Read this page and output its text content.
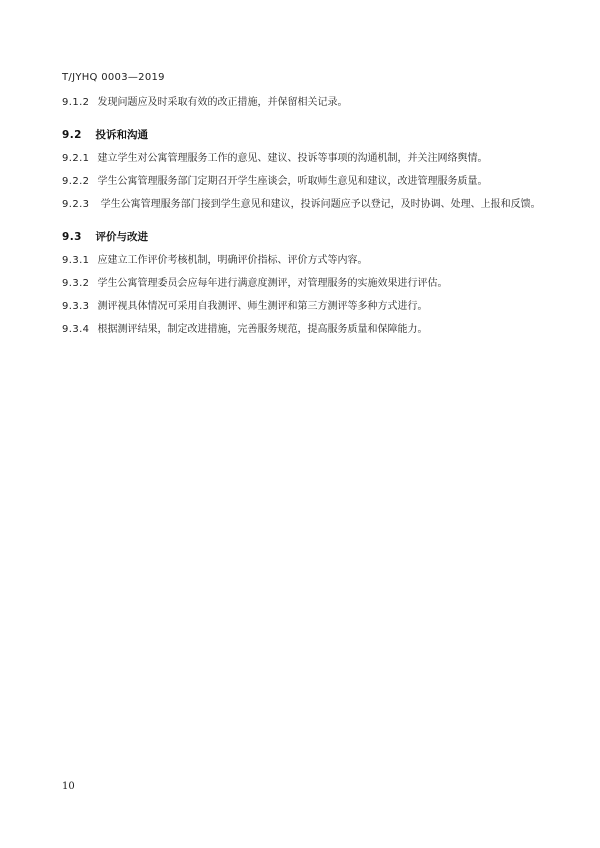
T/JYHQ 0003—2019
9.1.2 发现问题应及时采取有效的改正措施，并保留相关记录。
9.2 投诉和沟通
9.2.1 建立学生对公寓管理服务工作的意见、建议、投诉等事项的沟通机制，并关注网络舆情。
9.2.2 学生公寓管理服务部门定期召开学生座谈会，听取师生意见和建议，改进管理服务质量。
9.2.3 学生公寓管理服务部门接到学生意见和建议，投诉问题应予以登记，及时协调、处理、上报和反馈。
9.3 评价与改进
9.3.1 应建立工作评价考核机制，明确评价指标、评价方式等内容。
9.3.2 学生公寓管理委员会应每年进行满意度测评，对管理服务的实施效果进行评估。
9.3.3 测评视具体情况可采用自我测评、师生测评和第三方测评等多种方式进行。
9.3.4 根据测评结果，制定改进措施，完善服务规范，提高服务质量和保障能力。
10
